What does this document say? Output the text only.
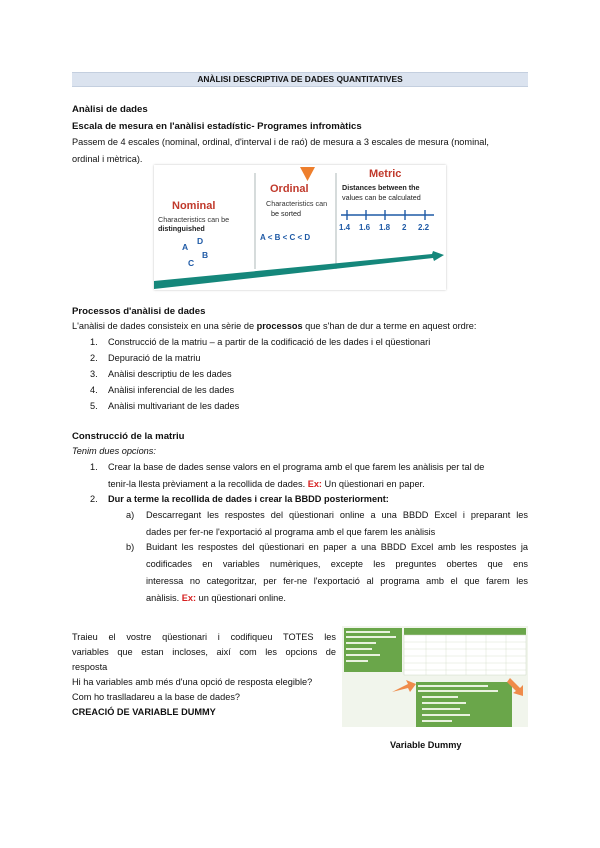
ANÀLISI DESCRIPTIVA DE DADES QUANTITATIVES
Anàlisi de dades
Escala de mesura en l'anàlisi estadístic- Programes infromàtics
Passem de 4 escales (nominal, ordinal, d'interval i de raó) de mesura a 3 escales de mesura (nominal,
ordinal i mètrica).
Nominal
Characteristics can be
distinguished
A
D
B
C
Ordinal
Characteristics can
be sorted
A < B < C < D
Metric
Distances between the
values can be calculated
1.4 1.6 1.8 2 2.2
Processos d'anàlisi de dades
L'anàlisi de dades consisteix en una sèrie de processos que s'han de dur a terme en aquest ordre:
1. Construcció de la matriu – a partir de la codificació de les dades i el qüestionari
2. Depuració de la matriu
3. Anàlisi descriptiu de les dades
4. Anàlisi inferencial de les dades
5. Anàlisi multivariant de les dades
Construcció de la matriu
Tenim dues opcions:
1. Crear la base de dades sense valors en el programa amb el que farem les anàlisis per tal de
tenir-la llesta prèviament a la recollida de dades. Ex: Un qüestionari en paper.
2. Dur a terme la recollida de dades i crear la BBDD posteriorment:
a) Descarregant les respostes del qüestionari online a una BBDD Excel i preparant les
dades per fer-ne l'exportació al programa amb el que farem les anàlisis
b) Buidant les respostes del qüestionari en paper a una BBDD Excel amb les respostes ja
codificades en variables numèriques, excepte les preguntes obertes que ens
interessa no categoritzar, per fer-ne l'exportació al programa amb el que farem les
anàlisis. Ex: un qüestionari online.
Traieu el vostre qüestionari i codifiqueu TOTES les
variables que estan incloses, així com les opcions de
resposta
Hi ha variables amb més d'una opció de resposta elegible?
Com ho traslladareu a la base de dades?
CREACIÓ DE VARIABLE DUMMY
Variable Dummy
